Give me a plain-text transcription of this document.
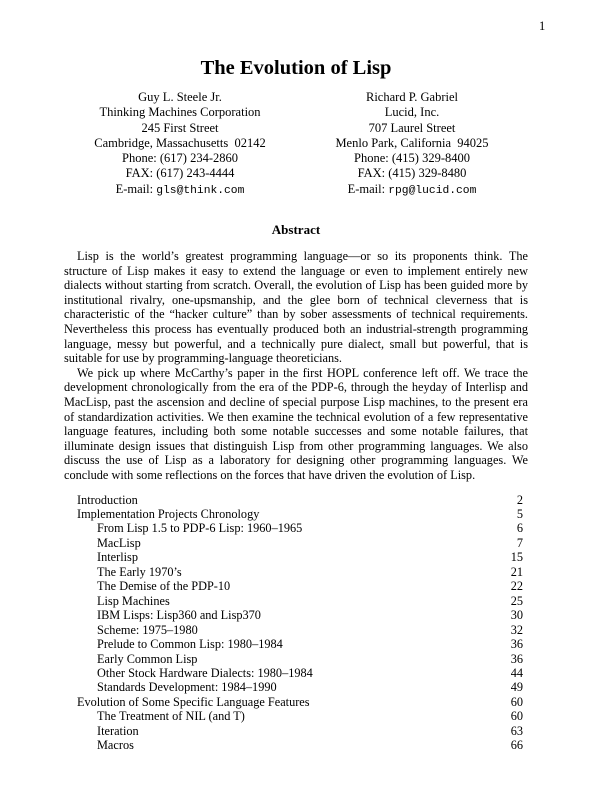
1
The Evolution of Lisp
Guy L. Steele Jr.
Thinking Machines Corporation
245 First Street
Cambridge, Massachusetts  02142
Phone: (617) 234-2860
FAX: (617) 243-4444
E-mail: gls@think.com
Richard P. Gabriel
Lucid, Inc.
707 Laurel Street
Menlo Park, California  94025
Phone: (415) 329-8400
FAX: (415) 329-8480
E-mail: rpg@lucid.com
Abstract

Lisp is the world’s greatest programming language—or so its proponents think. The structure of Lisp makes it easy to extend the language or even to implement entirely new dialects without starting from scratch. Overall, the evolution of Lisp has been guided more by institutional rivalry, one-upsmanship, and the glee born of technical cleverness that is characteristic of the “hacker culture” than by sober assessments of technical requirements. Nevertheless this process has eventually produced both an industrial-strength programming language, messy but powerful, and a technically pure dialect, small but powerful, that is suitable for use by programming-language theoreticians.

We pick up where McCarthy’s paper in the first HOPL conference left off. We trace the development chronologically from the era of the PDP-6, through the heyday of Interlisp and MacLisp, past the ascension and decline of special purpose Lisp machines, to the present era of standardization activities. We then examine the technical evolution of a few representative language features, including both some notable successes and some notable failures, that illuminate design issues that distinguish Lisp from other programming languages. We also discuss the use of Lisp as a laboratory for designing other programming languages. We conclude with some reflections on the forces that have driven the evolution of Lisp.

Introduction	2
Implementation Projects Chronology	5
From Lisp 1.5 to PDP-6 Lisp: 1960–1965	6
MacLisp	7
Interlisp	15
The Early 1970’s	21
The Demise of the PDP-10	22
Lisp Machines	25
IBM Lisps: Lisp360 and Lisp370	30
Scheme: 1975–1980	32
Prelude to Common Lisp: 1980–1984	36
Early Common Lisp	36
Other Stock Hardware Dialects: 1980–1984	44
Standards Development: 1984–1990	49
Evolution of Some Specific Language Features	60
The Treatment of NIL (and T)	60
Iteration	63
Macros	66
